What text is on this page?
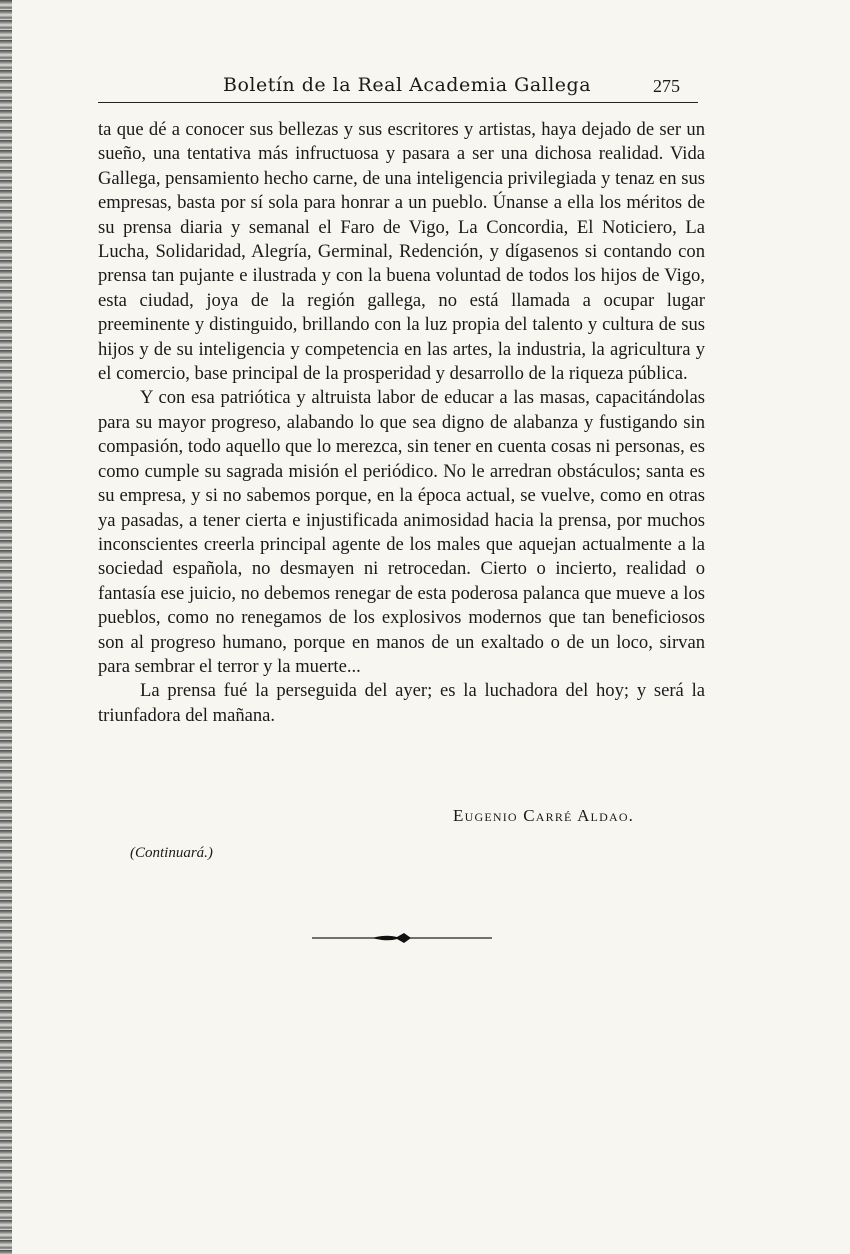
Boletín de la Real Academia Gallega	275

ta que dé a conocer sus bellezas y sus escritores y artistas, haya dejado de ser un sueño, una tentativa más infructuosa y pasara a ser una dichosa realidad. Vida Gallega, pensamiento hecho carne, de una inteligencia privilegiada y tenaz en sus empresas, basta por sí sola para honrar a un pueblo. Únanse a ella los méritos de su prensa diaria y semanal el Faro de Vigo, La Concordia, El Noticiero, La Lucha, Solidaridad, Alegría, Germinal, Redención, y dígasenos si contando con prensa tan pujante e ilustrada y con la buena voluntad de todos los hijos de Vigo, esta ciudad, joya de la región gallega, no está llamada a ocupar lugar preeminente y distinguido, brillando con la luz propia del talento y cultura de sus hijos y de su inteligencia y competencia en las artes, la industria, la agricultura y el comercio, base principal de la prosperidad y desarrollo de la riqueza pública.

Y con esa patriótica y altruista labor de educar a las masas, capacitándolas para su mayor progreso, alabando lo que sea digno de alabanza y fustigando sin compasión, todo aquello que lo merezca, sin tener en cuenta cosas ni personas, es como cumple su sagrada misión el periódico. No le arredran obstáculos; santa es su empresa, y si no sabemos porque, en la época actual, se vuelve, como en otras ya pasadas, a tener cierta e injustificada animosidad hacia la prensa, por muchos inconscientes creerla principal agente de los males que aquejan actualmente a la sociedad española, no desmayen ni retrocedan. Cierto o incierto, realidad o fantasía ese juicio, no debemos renegar de esta poderosa palanca que mueve a los pueblos, como no renegamos de los explosivos modernos que tan beneficiosos son al progreso humano, porque en manos de un exaltado o de un loco, sirvan para sembrar el terror y la muerte...

La prensa fué la perseguida del ayer; es la luchadora del hoy; y será la triunfadora del mañana.

Eugenio Carré Aldao.
(Continuará.)
